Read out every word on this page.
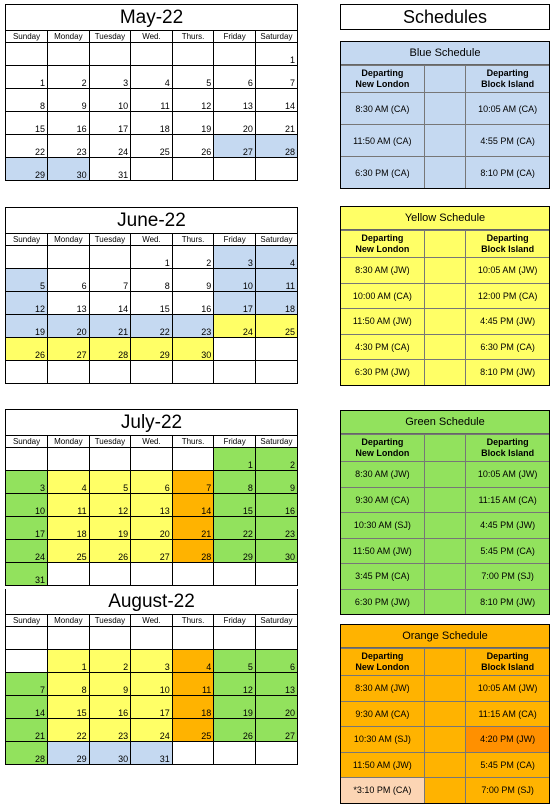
May-22
Sunday	Monday	Tuesday	Wed.	Thurs.	Friday	Saturday
						1
1	2	3	4	5	6	7
8	9	10	11	12	13	14
15	16	17	18	19	20	21
22	23	24	25	26	27	28
29	30	31				
June-22
Sunday	Monday	Tuesday	Wed.	Thurs.	Friday	Saturday
			1	2	3	4
5	6	7	8	9	10	11
12	13	14	15	16	17	18
19	20	21	22	23	24	25
26	27	28	29	30		

July-22
Sunday	Monday	Tuesday	Wed.	Thurs.	Friday	Saturday
					1	2
3	4	5	6	7	8	9
10	11	12	13	14	15	16
17	18	19	20	21	22	23
24	25	26	27	28	29	30
31						
August-22
Sunday	Monday	Tuesday	Wed.	Thurs.	Friday	Saturday

	1	2	3	4	5	6
7	8	9	10	11	12	13
14	15	16	17	18	19	20
21	22	23	24	25	26	27
28	29	30	31			
Schedules
Blue Schedule
Departing
New London		Departing
Block Island
8:30 AM (CA)		10:05 AM (CA)
11:50 AM (CA)		4:55 PM (CA)
6:30 PM (CA)		8:10 PM (CA)
Yellow Schedule
Departing
New London		Departing
Block Island
8:30 AM (JW)		10:05 AM (JW)
10:00 AM (CA)		12:00 PM (CA)
11:50 AM (JW)		4:45 PM (JW)
4:30 PM (CA)		6:30 PM (CA)
6:30 PM (JW)		8:10 PM (JW)
Green Schedule
Departing
New London		Departing
Block Island
8:30 AM (JW)		10:05 AM (JW)
9:30 AM (CA)		11:15 AM (CA)
10:30 AM (SJ)		4:45 PM (JW)
11:50 AM (JW)		5:45 PM (CA)
3:45 PM (CA)		7:00 PM (SJ)
6:30 PM (JW)		8:10 PM (JW)
Orange Schedule
Departing
New London		Departing
Block Island
8:30 AM (JW)		10:05 AM (JW)
9:30 AM (CA)		11:15 AM (CA)
10:30 AM (SJ)		4:20 PM (JW)
11:50 AM (JW)		5:45 PM (CA)
*3:10 PM (CA)		7:00 PM (SJ)
